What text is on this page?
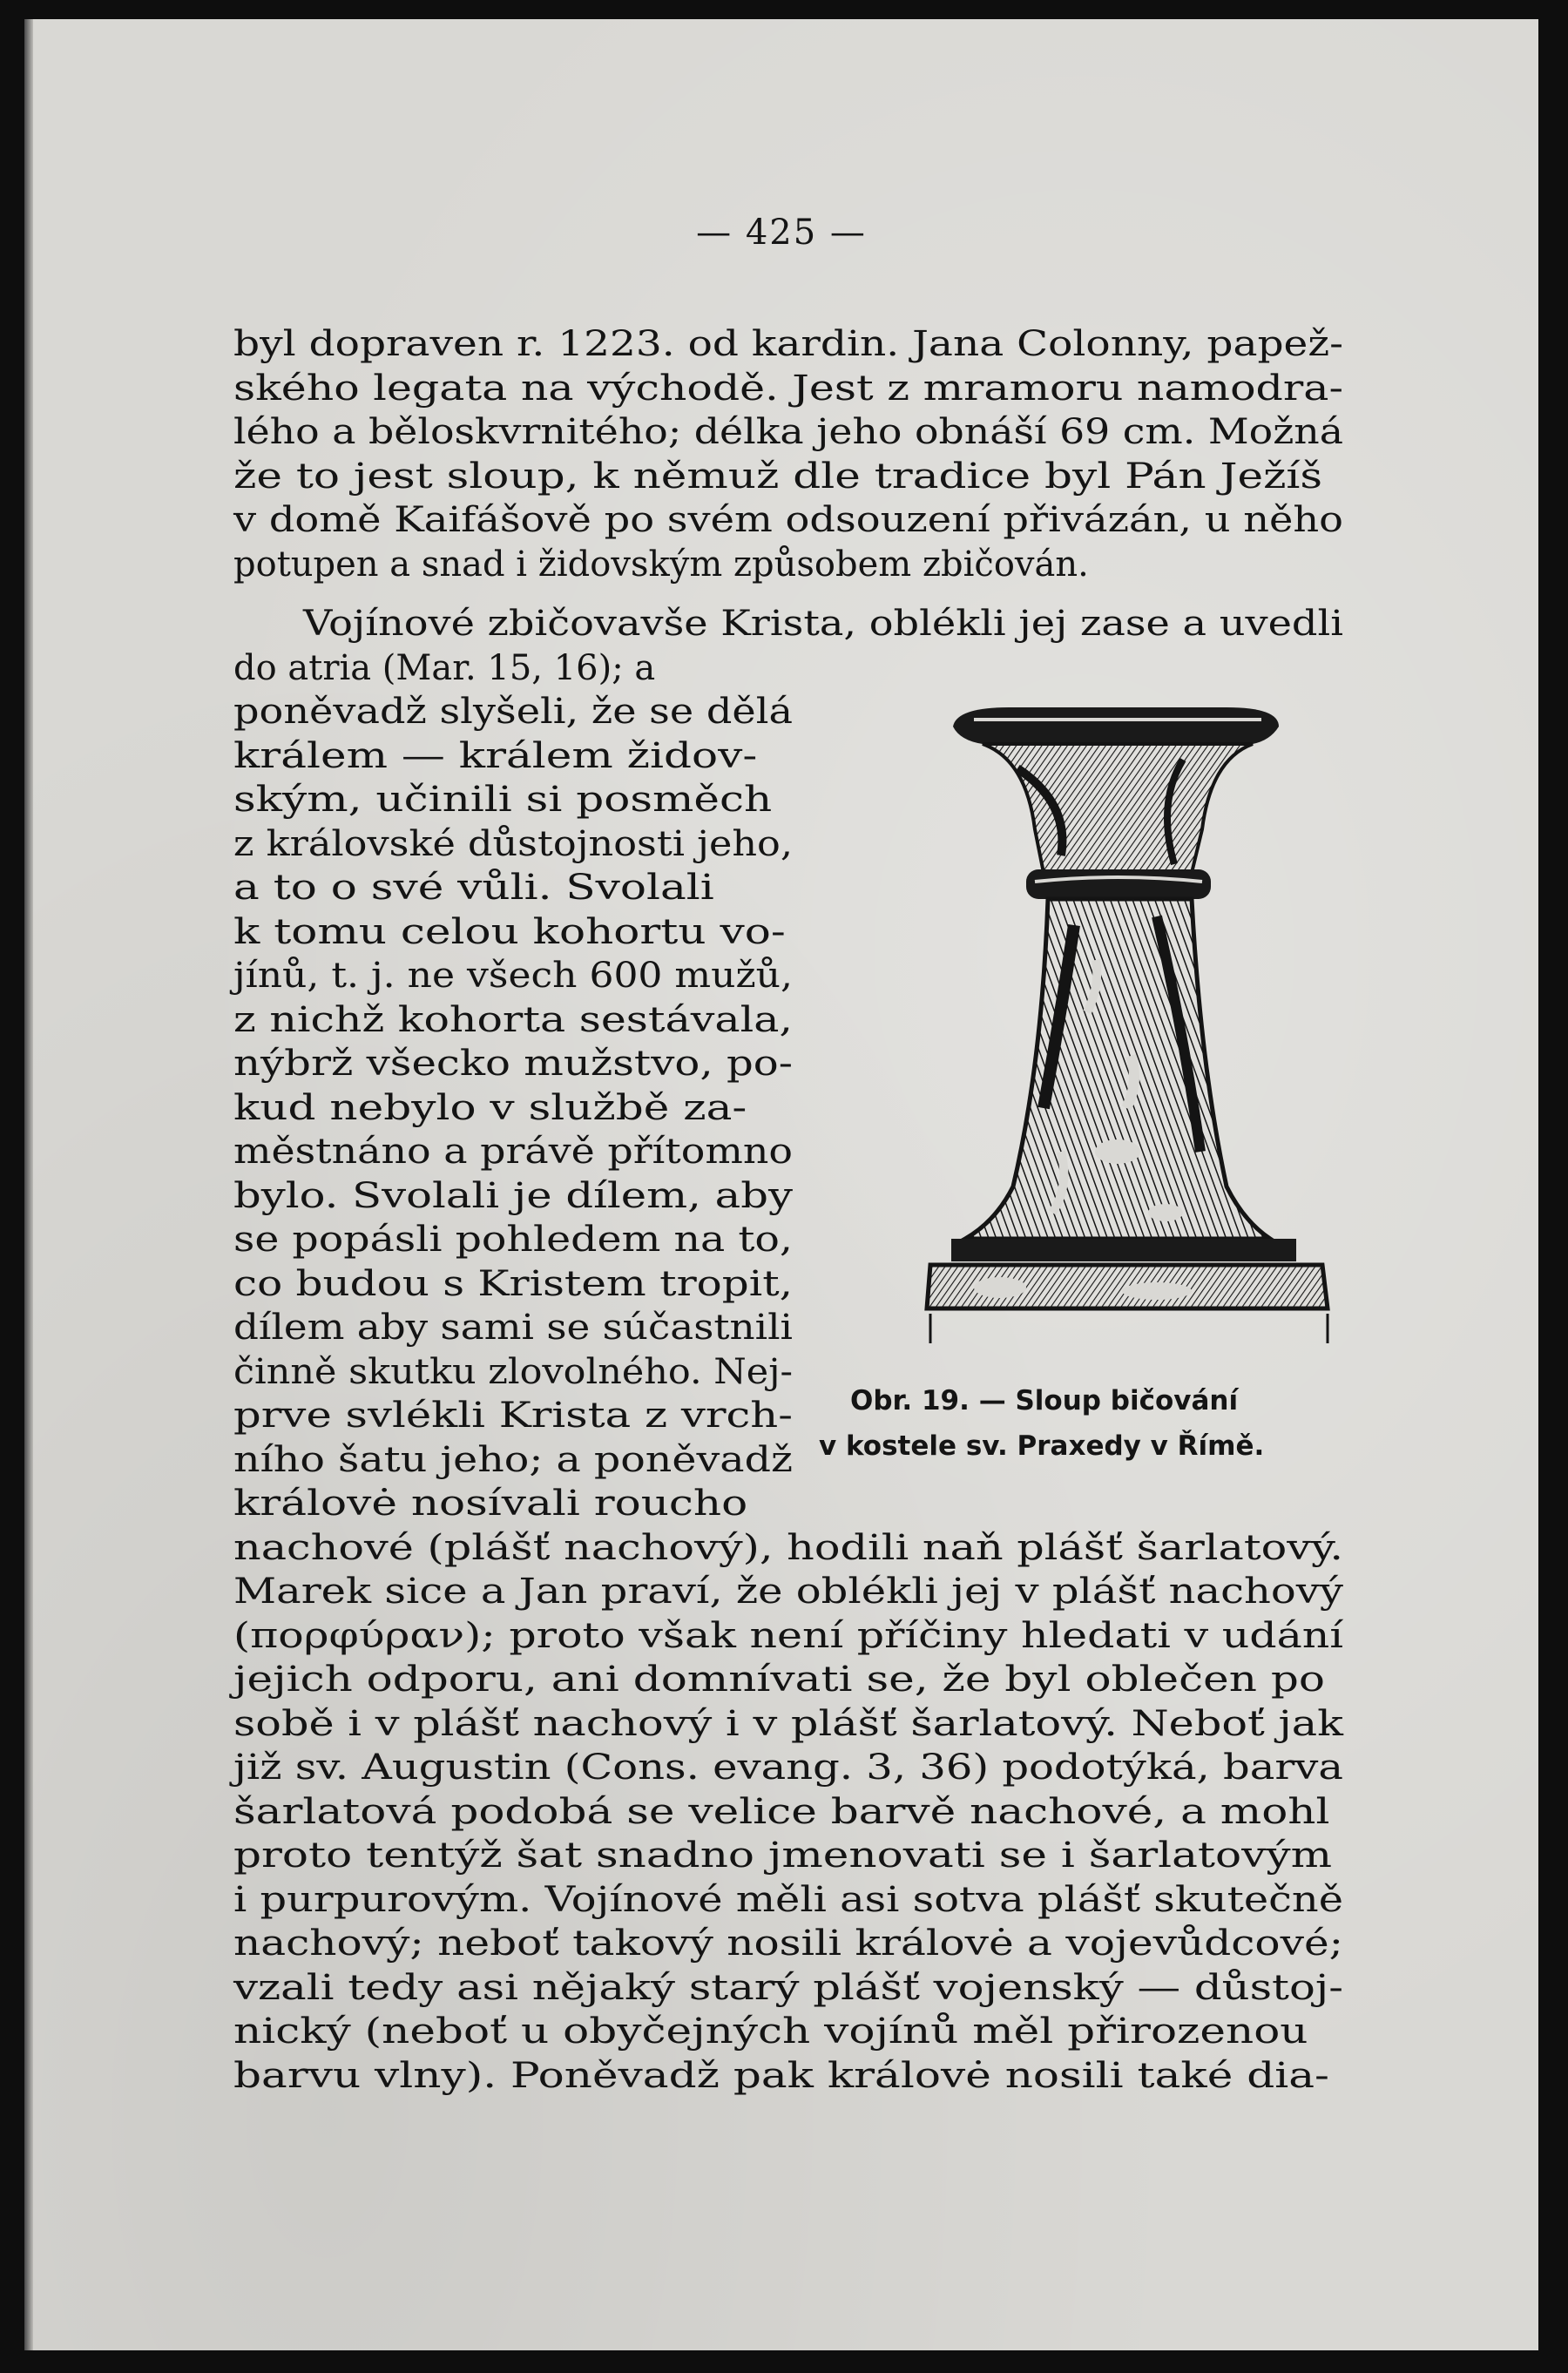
— 425 —
byl dopraven r. 1223. od kardin. Jana Colonny, papež-
ského legata na východě. Jest z mramoru namodra-
lého a běloskvrnitého; délka jeho obnáší 69 cm. Možná
že to jest sloup, k němuž dle tradice byl Pán Ježíš
v domě Kaifášově po svém odsouzení přivázán, u něho
potupen a snad i židovským způsobem zbičován.
Vojínové zbičovavše Krista, oblékli jej zase a uvedli
do atria (Mar. 15, 16); a
poněvadž slyšeli, že se dělá
králem — králem židov-
ským, učinili si posměch
z královské důstojnosti jeho,
a to o své vůli. Svolali
k tomu celou kohortu vo-
jínů, t. j. ne všech 600 mužů,
z nichž kohorta sestávala,
nýbrž všecko mužstvo, po-
kud nebylo v službě za-
městnáno a právě přítomno
bylo. Svolali je dílem, aby
se popásli pohledem na to,
co budou s Kristem tropit,
dílem aby sami se súčastnili
činně skutku zlovolného. Nej-
prve svlékli Krista z vrch-
ního šatu jeho; a poněvadž
královė nosívali roucho
nachové (plášť nachový), hodili naň plášť šarlatový.
Marek sice a Jan praví, že oblékli jej v plášť nachový
(πορφύραν); proto však není příčiny hledati v udání
jejich odporu, ani domnívati se, že byl oblečen po
sobě i v plášť nachový i v plášť šarlatový. Neboť jak
již sv. Augustin (Cons. evang. 3, 36) podotýká, barva
šarlatová podobá se velice barvě nachové, a mohl
proto tentýž šat snadno jmenovati se i šarlatovým
i purpurovým. Vojínové měli asi sotva plášť skutečně
nachový; neboť takový nosili královė a vojevůdcové;
vzali tedy asi nějaký starý plášť vojenský — důstoj-
nický (neboť u obyčejných vojínů měl přirozenou
barvu vlny). Poněvadž pak královė nosili také dia-
Obr. 19. — Sloup bičování
v kostele sv. Praxedy v Římě.
